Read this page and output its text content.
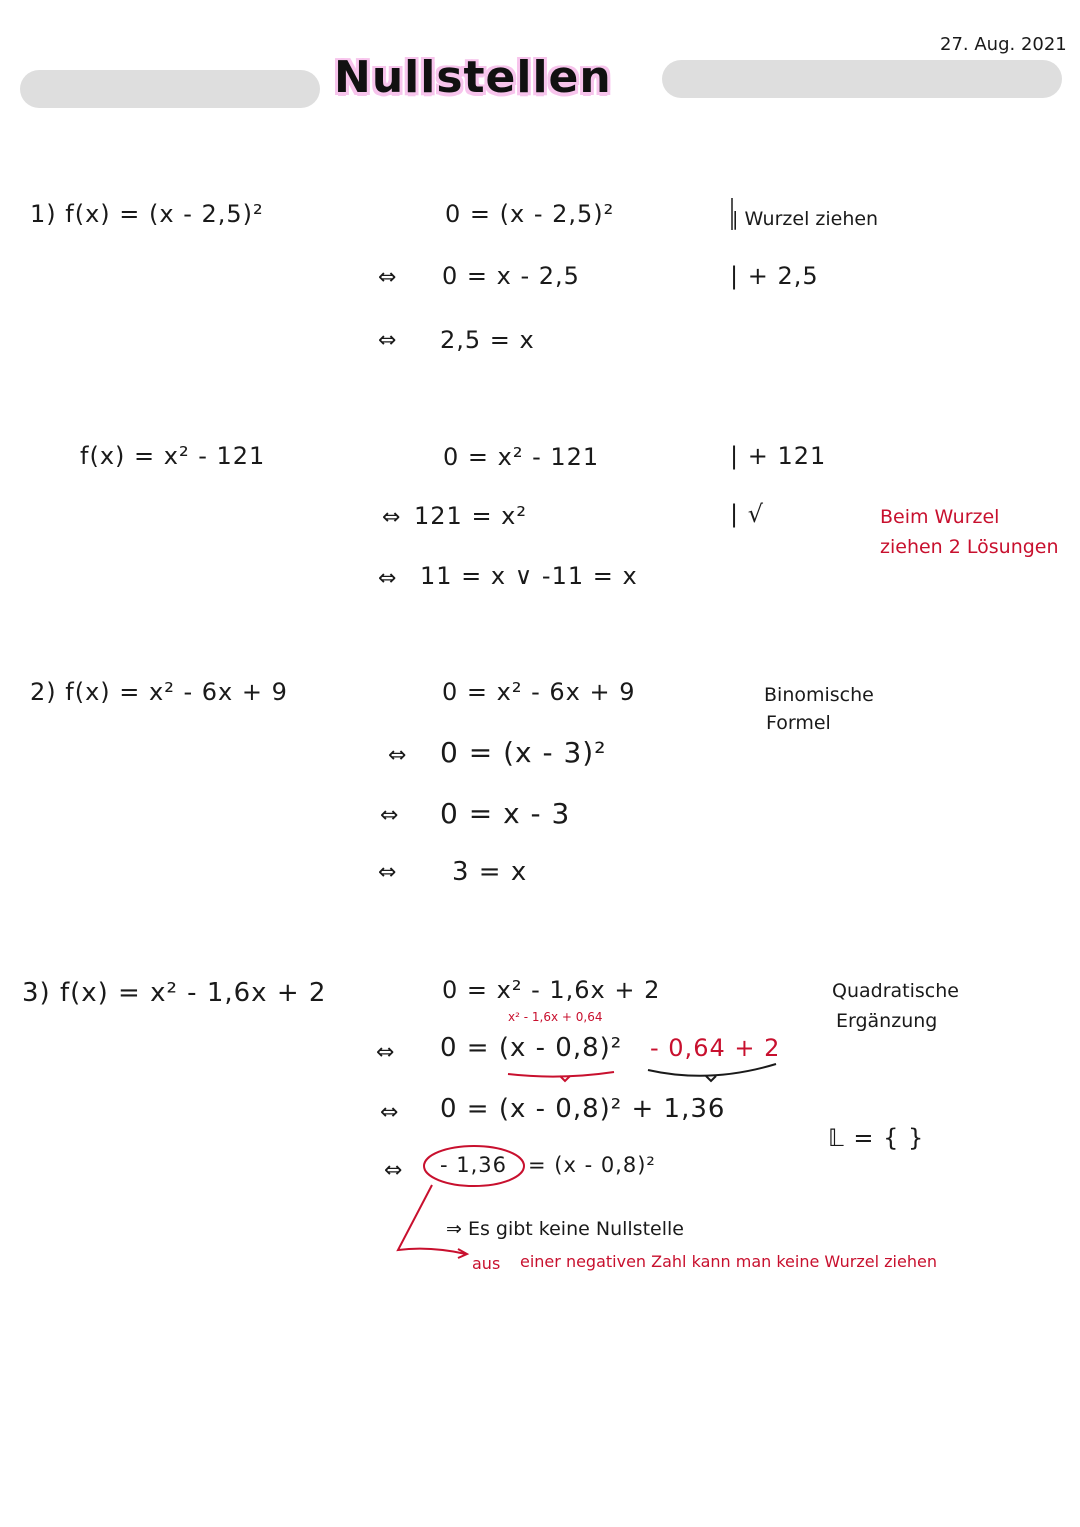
Nullstellen
27. Aug. 2021
1) f(x) = (x - 2,5)²	0 = (x - 2,5)²
⇔ 0 = x - 2,5
⇔ 2,5 = x
| Wurzel ziehen
| + 2,5
f(x) = x² - 121	0 = x² - 121
⇔ 121 = x²
⇔ 11 = x ∨ -11 = x
| + 121
| √	Beim Wurzel
ziehen 2 Lösungen
2) f(x) = x² - 6x + 9	0 = x² - 6x + 9
⇔ 0 = (x - 3)²
⇔ 0 = x - 3
⇔ 3 = x
Binomische
Formel
3) f(x) = x² - 1,6x + 2	0 = x² - 1,6x + 2
x² - 1,6x + 0,64
⇔ 0 = (x - 0,8)² - 0,64 + 2
⇔ 0 = (x - 0,8)² + 1,36
⇔ - 1,36 = (x - 0,8)²
Quadratische
Ergänzung
𝕃 = { }
⇒ Es gibt keine Nullstelle
aus einer negativen Zahl kann man keine Wurzel ziehen
